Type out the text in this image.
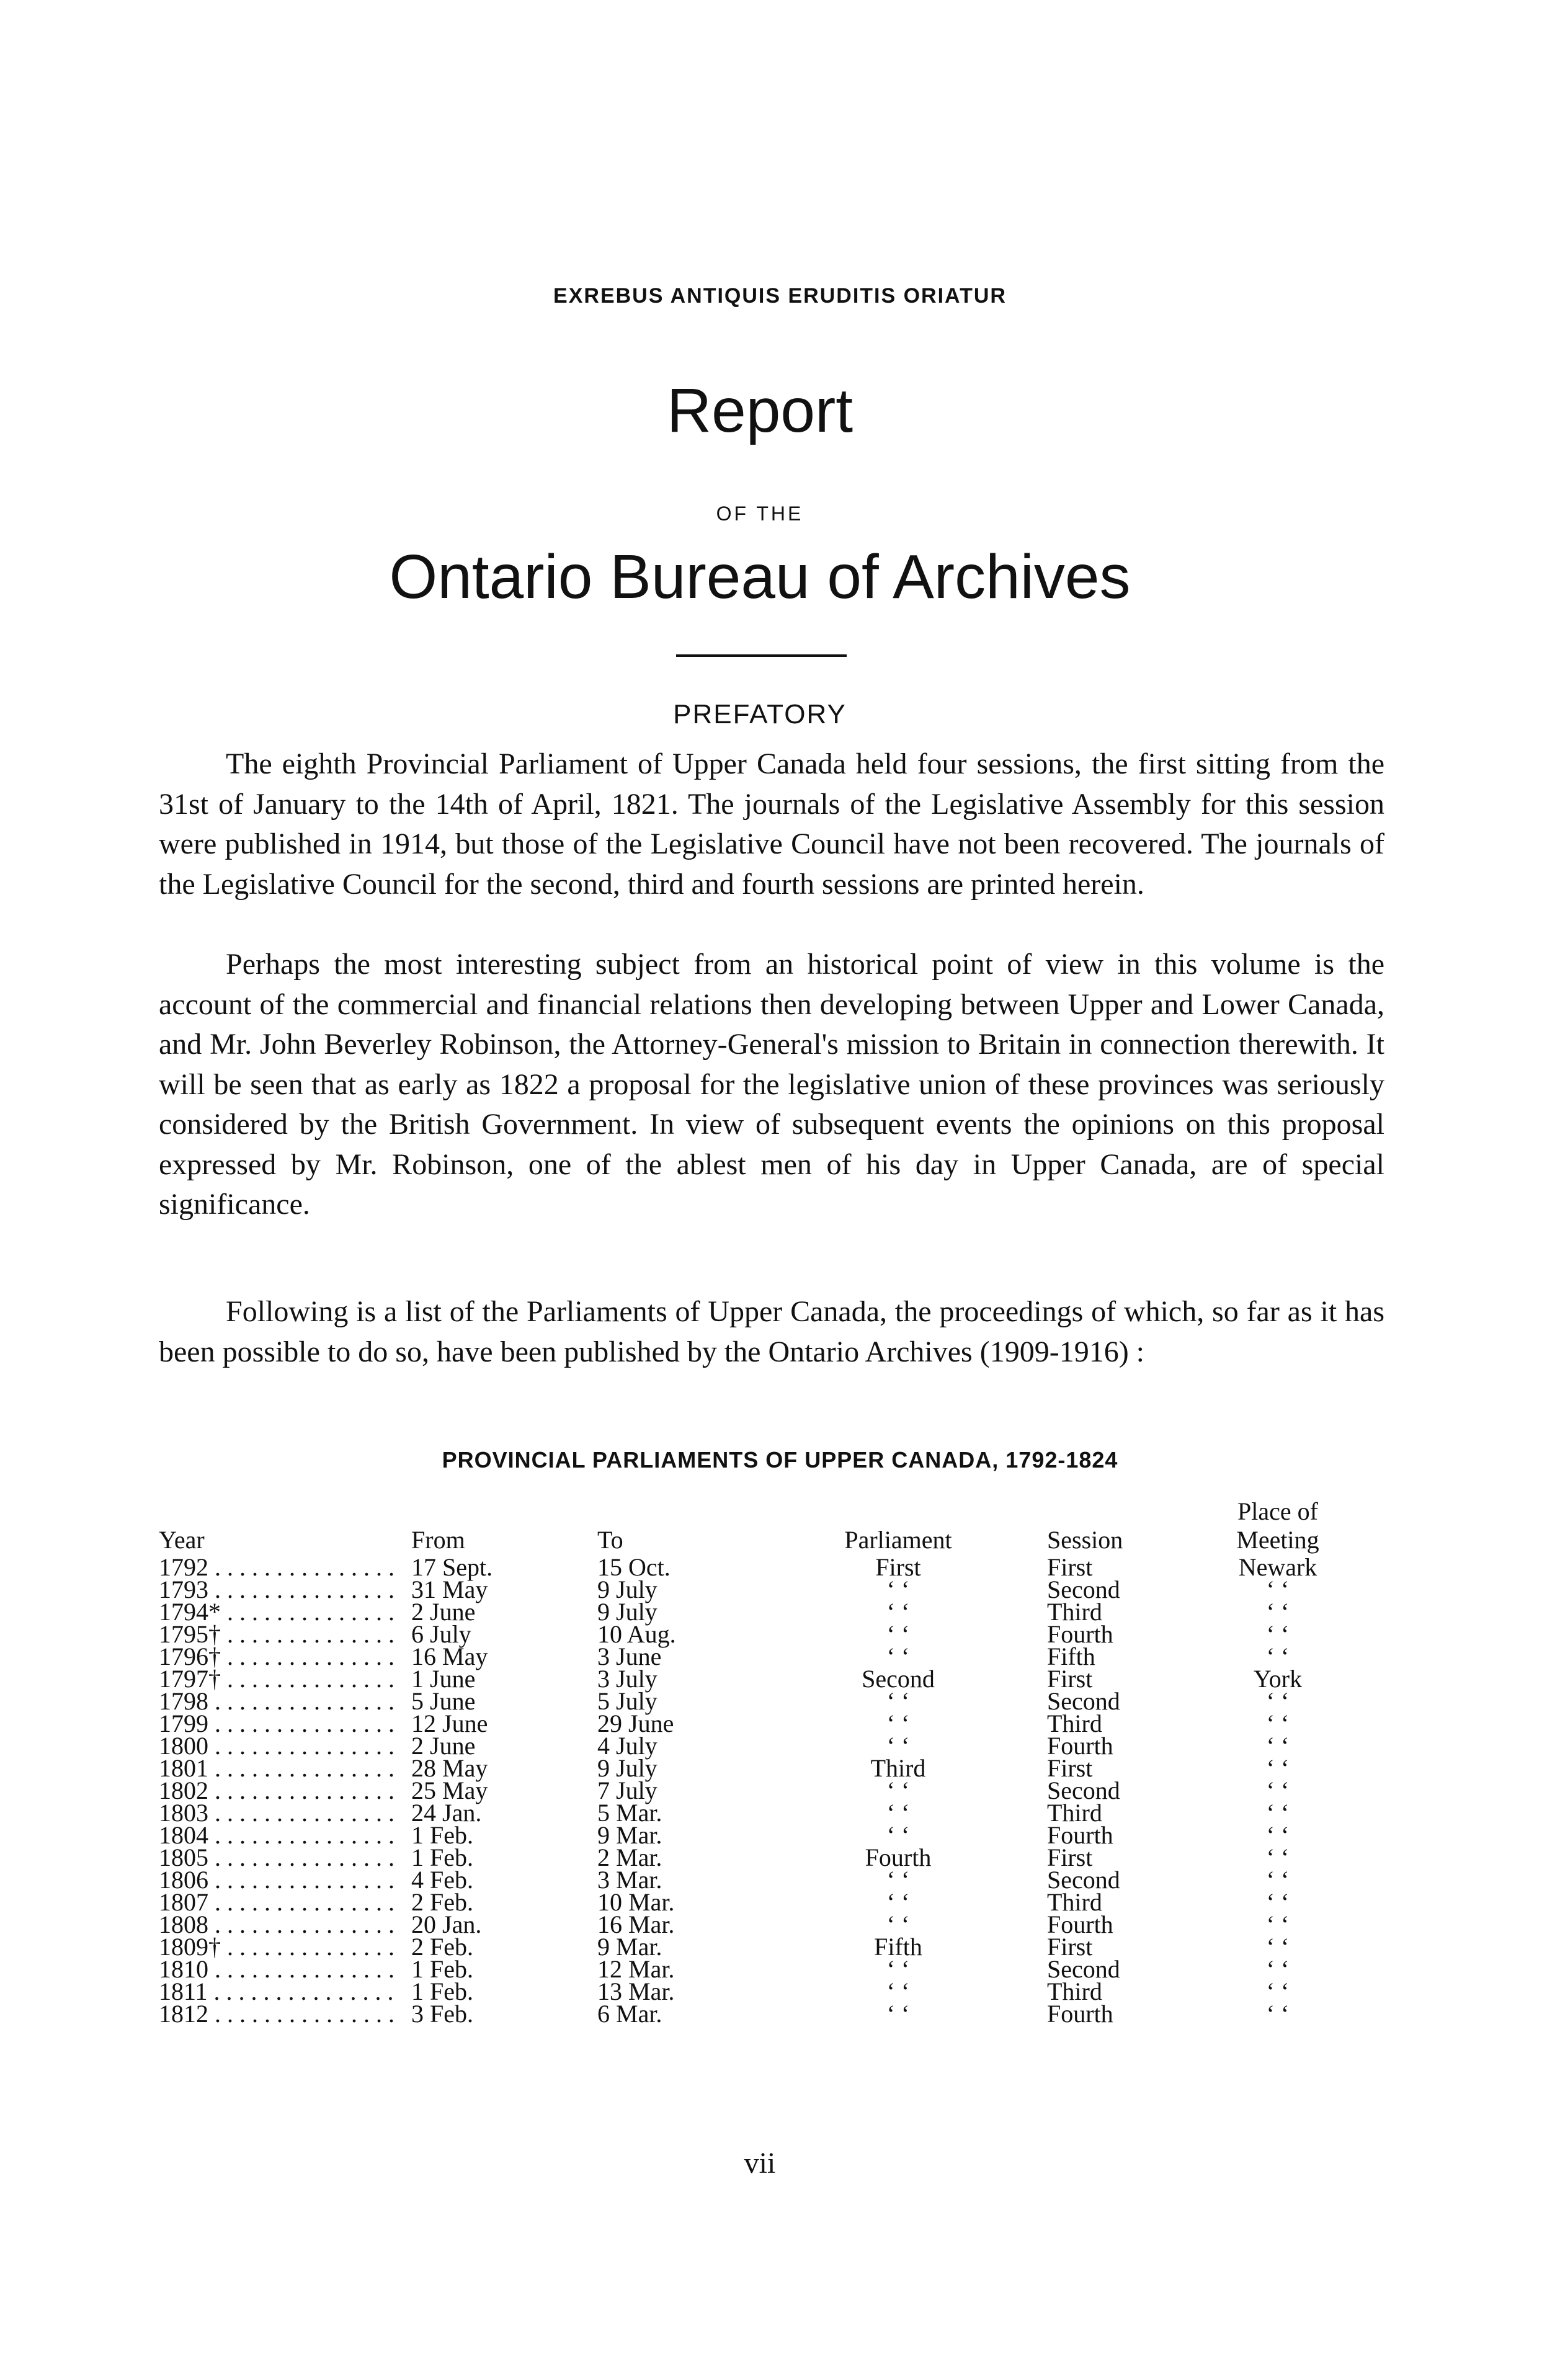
EXREBUS ANTIQUIS ERUDITIS ORIATUR
Report
OF THE
Ontario Bureau of Archives
PREFATORY

The eighth Provincial Parliament of Upper Canada held four sessions, the first sitting from the 31st of January to the 14th of April, 1821. The journals of the Legislative Assembly for this session were published in 1914, but those of the Legislative Council have not been recovered. The journals of the Legislative Council for the second, third and fourth sessions are printed herein.

Perhaps the most interesting subject from an historical point of view in this volume is the account of the commercial and financial relations then developing between Upper and Lower Canada, and Mr. John Beverley Robinson, the Attorney-General's mission to Britain in connection therewith. It will be seen that as early as 1822 a proposal for the legislative union of these provinces was seriously considered by the British Government. In view of subsequent events the opinions on this proposal expressed by Mr. Robinson, one of the ablest men of his day in Upper Canada, are of special significance.

Following is a list of the Parliaments of Upper Canada, the proceedings of which, so far as it has been possible to do so, have been published by the Ontario Archives (1909-1916) :

PROVINCIAL PARLIAMENTS OF UPPER CANADA, 1792-1824
Place of
Year	From	To	Parliament	Session	Meeting
1792 . . .	17 Sept.	15 Oct.	First	First	Newark
1793 . . .	31 May	9 July	‘ ‘	Second	‘ ‘
1794* . . .	2 June	9 July	‘ ‘	Third	‘ ‘
1795† . . .	6 July	10 Aug.	‘ ‘	Fourth	‘ ‘
1796† . . .	16 May	3 June	‘ ‘	Fifth	‘ ‘
1797† . . .	1 June	3 July	Second	First	York
1798 . . .	5 June	5 July	‘ ‘	Second	‘ ‘
1799 . . .	12 June	29 June	‘ ‘	Third	‘ ‘
1800 . . .	2 June	4 July	‘ ‘	Fourth	‘ ‘
1801 . . .	28 May	9 July	Third	First	‘ ‘
1802 . . .	25 May	7 July	‘ ‘	Second	‘ ‘
1803 . . .	24 Jan.	5 Mar.	‘ ‘	Third	‘ ‘
1804 . . .	1 Feb.	9 Mar.	‘ ‘	Fourth	‘ ‘
1805 . . .	1 Feb.	2 Mar.	Fourth	First	‘ ‘
1806 . . .	4 Feb.	3 Mar.	‘ ‘	Second	‘ ‘
1807 . . .	2 Feb.	10 Mar.	‘ ‘	Third	‘ ‘
1808 . . .	20 Jan.	16 Mar.	‘ ‘	Fourth	‘ ‘
1809† . . .	2 Feb.	9 Mar.	Fifth	First	‘ ‘
1810 . . .	1 Feb.	12 Mar.	‘ ‘	Second	‘ ‘
1811 . . .	1 Feb.	13 Mar.	‘ ‘	Third	‘ ‘
1812 . . .	3 Feb.	6 Mar.	‘ ‘	Fourth	‘ ‘
vii
